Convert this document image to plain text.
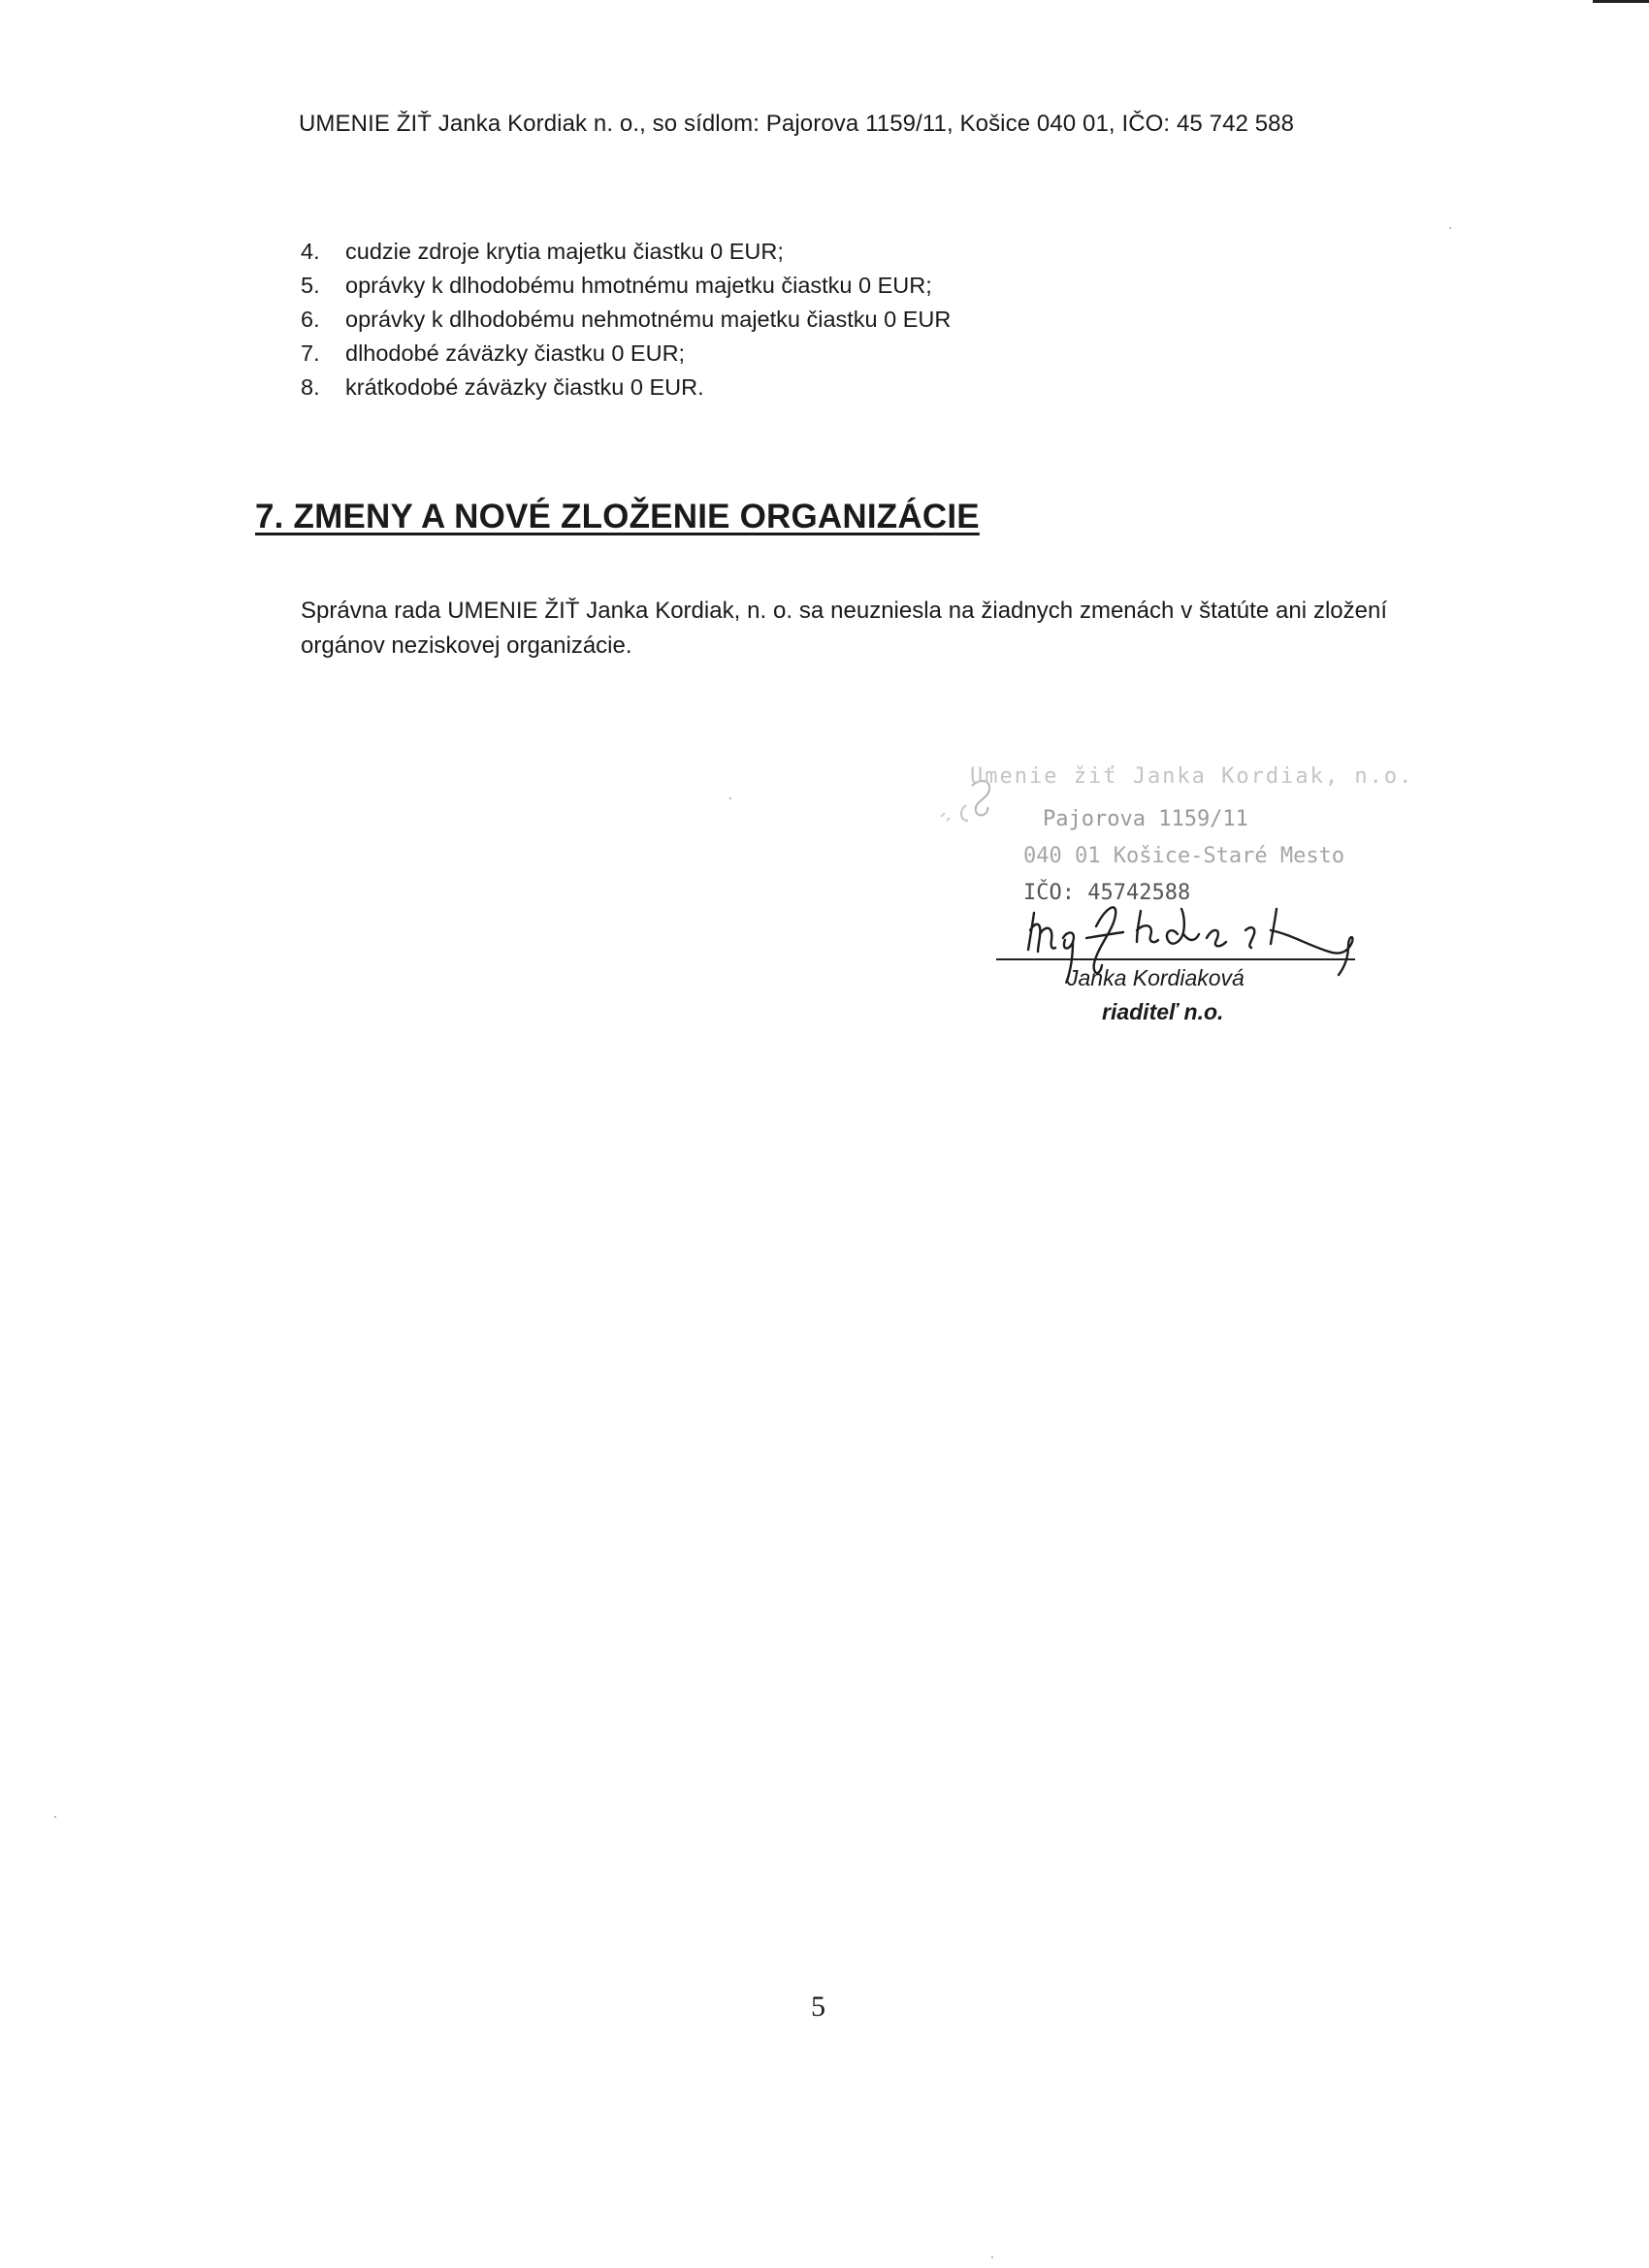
UMENIE ŽIŤ Janka Kordiak n. o., so sídlom: Pajorova 1159/11, Košice 040 01, IČO: 45 742 588
4. cudzie zdroje krytia majetku čiastku 0 EUR;
5. oprávky k dlhodobému hmotnému majetku čiastku 0 EUR;
6. oprávky k dlhodobému nehmotnému majetku čiastku 0 EUR
7. dlhodobé záväzky čiastku 0 EUR;
8. krátkodobé záväzky čiastku 0 EUR.
7. ZMENY A NOVÉ ZLOŽENIE ORGANIZÁCIE

Správna rada UMENIE ŽIŤ Janka Kordiak, n. o. sa neuzniesla na žiadnych zmenách v štatúte ani zložení orgánov neziskovej organizácie.

Umenie žiť Janka Kordiak, n.o.
Pajorova 1159/11
040 01 Košice-Staré Mesto
IČO: 45742588
Janka Kordiaková
riaditeľ n.o.
5
